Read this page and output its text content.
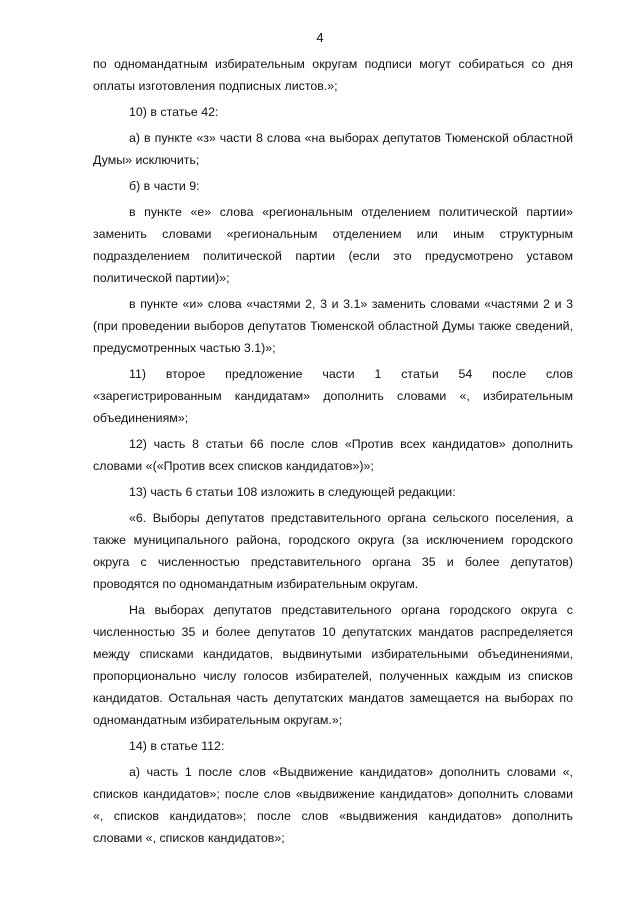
4

по одномандатным избирательным округам подписи могут собираться со дня оплаты изготовления подписных листов.»;

10) в статье 42:

а) в пункте «з» части 8 слова «на выборах депутатов Тюменской областной Думы» исключить;

б) в части 9:

в пункте «е» слова «региональным отделением политической партии» заменить словами «региональным отделением или иным структурным подразделением политической партии (если это предусмотрено уставом политической партии)»;

в пункте «и» слова «частями 2, 3 и 3.1» заменить словами «частями 2 и 3 (при проведении выборов депутатов Тюменской областной Думы также сведений, предусмотренных частью 3.1)»;

11) второе предложение части 1 статьи 54 после слов «зарегистрированным кандидатам» дополнить словами «, избирательным объединениям»;

12) часть 8 статьи 66 после слов «Против всех кандидатов» дополнить словами «(«Против всех списков кандидатов»)»;

13) часть 6 статьи 108 изложить в следующей редакции:

«6. Выборы депутатов представительного органа сельского поселения, а также муниципального района, городского округа (за исключением городского округа с численностью представительного органа 35 и более депутатов) проводятся по одномандатным избирательным округам.

На выборах депутатов представительного органа городского округа с численностью 35 и более депутатов 10 депутатских мандатов распределяется между списками кандидатов, выдвинутыми избирательными объединениями, пропорционально числу голосов избирателей, полученных каждым из списков кандидатов. Остальная часть депутатских мандатов замещается на выборах по одномандатным избирательным округам.»;

14) в статье 112:

а) часть 1 после слов «Выдвижение кандидатов» дополнить словами «, списков кандидатов»; после слов «выдвижение кандидатов» дополнить словами «, списков кандидатов»; после слов «выдвижения кандидатов» дополнить словами «, списков кандидатов»;
